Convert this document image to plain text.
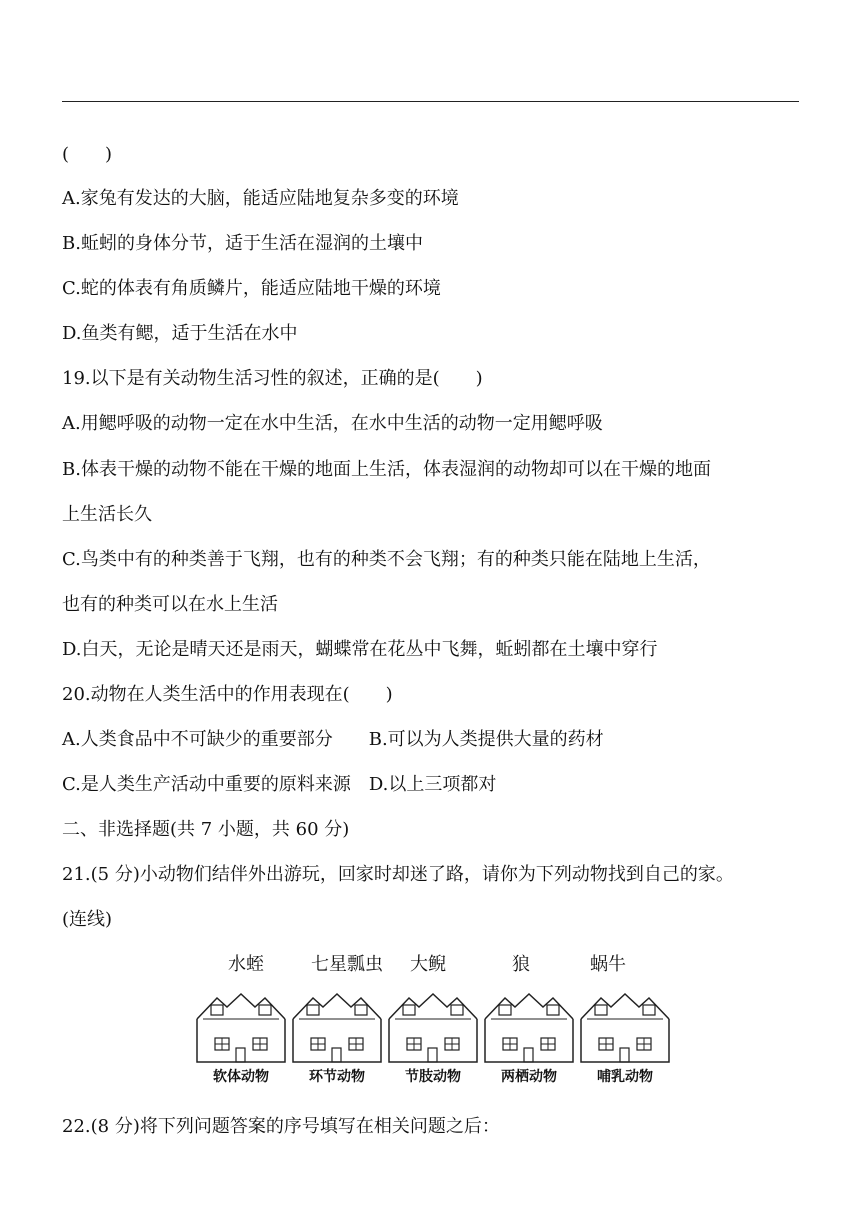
(　　)
A.家兔有发达的大脑，能适应陆地复杂多变的环境
B.蚯蚓的身体分节，适于生活在湿润的土壤中
C.蛇的体表有角质鳞片，能适应陆地干燥的环境
D.鱼类有鳃，适于生活在水中
19.以下是有关动物生活习性的叙述，正确的是(　　)
A.用鳃呼吸的动物一定在水中生活，在水中生活的动物一定用鳃呼吸
B.体表干燥的动物不能在干燥的地面上生活，体表湿润的动物却可以在干燥的地面
上生活长久
C.鸟类中有的种类善于飞翔，也有的种类不会飞翔；有的种类只能在陆地上生活，
也有的种类可以在水上生活
D.白天，无论是晴天还是雨天，蝴蝶常在花丛中飞舞，蚯蚓都在土壤中穿行
20.动物在人类生活中的作用表现在(　　)
A.人类食品中不可缺少的重要部分　　B.可以为人类提供大量的药材
C.是人类生产活动中重要的原料来源　D.以上三项都对
二、非选择题(共 7 小题，共 60 分)
21.(5 分)小动物们结伴外出游玩，回家时却迷了路，请你为下列动物找到自己的家。
(连线)
水蛭	七星瓢虫 大鲵	狼	蜗牛
软体动物	环节动物	节肢动物	两栖动物	哺乳动物
22.(8 分)将下列问题答案的序号填写在相关问题之后：
